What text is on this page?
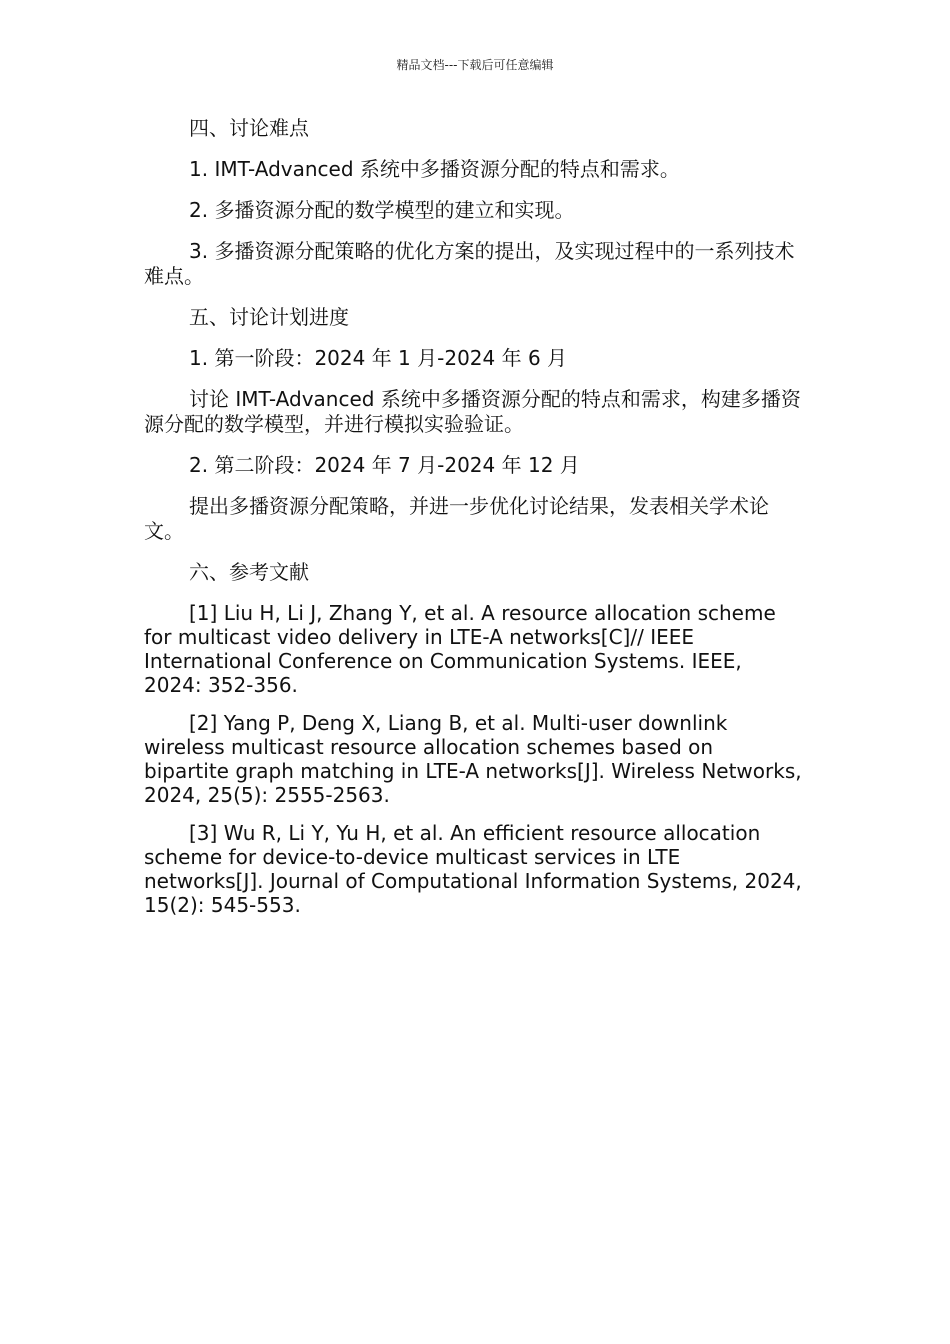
精品文档---下载后可任意编辑

四、讨论难点

1. IMT-Advanced 系统中多播资源分配的特点和需求。

2. 多播资源分配的数学模型的建立和实现。

3. 多播资源分配策略的优化方案的提出，及实现过程中的一系列技术难点。

五、讨论计划进度

1. 第一阶段：2024 年 1 月-2024 年 6 月

讨论 IMT-Advanced 系统中多播资源分配的特点和需求，构建多播资源分配的数学模型，并进行模拟实验验证。

2. 第二阶段：2024 年 7 月-2024 年 12 月

提出多播资源分配策略，并进一步优化讨论结果，发表相关学术论文。

六、参考文献

[1] Liu H, Li J, Zhang Y, et al. A resource allocation scheme for multicast video delivery in LTE-A networks[C]// IEEE International Conference on Communication Systems. IEEE, 2024: 352-356.

[2] Yang P, Deng X, Liang B, et al. Multi-user downlink wireless multicast resource allocation schemes based on bipartite graph matching in LTE-A networks[J]. Wireless Networks, 2024, 25(5): 2555-2563.

[3] Wu R, Li Y, Yu H, et al. An efficient resource allocation scheme for device-to-device multicast services in LTE networks[J]. Journal of Computational Information Systems, 2024, 15(2): 545-553.
